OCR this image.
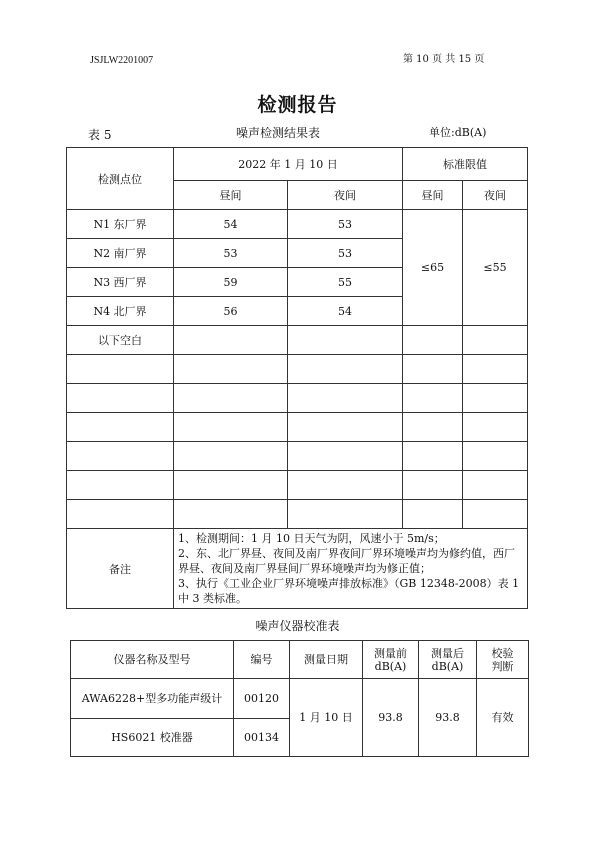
JSJLW2201007	第 10 页 共 15 页
检测报告
表 5	噪声检测结果表	单位:dB(A)
检测点位	2022 年 1 月 10 日		标准限值	
	昼间	夜间	昼间	夜间
N1 东厂界	54	53	≤65	≤55
N2 南厂界	53	53		
N3 西厂界	59	55		
N4 北厂界	56	54		
以下空白				

备注	1、检测期间：1 月 10 日天气为阴，风速小于 5m/s；
2、东、北厂界昼、夜间及南厂界夜间厂界环境噪声均为修约值，西厂界昼、夜间及南厂界昼间厂界环境噪声均为修正值；
3、执行《工业企业厂界环境噪声排放标准》（GB 12348-2008）表 1 中 3 类标准。			
噪声仪器校准表
仪器名称及型号	编号	测量日期	测量前
dB(A)	测量后
dB(A)	校验
判断
AWA6228+型多功能声级计	00120	1 月 10 日	93.8	93.8	有效
HS6021 校准器	00134				
